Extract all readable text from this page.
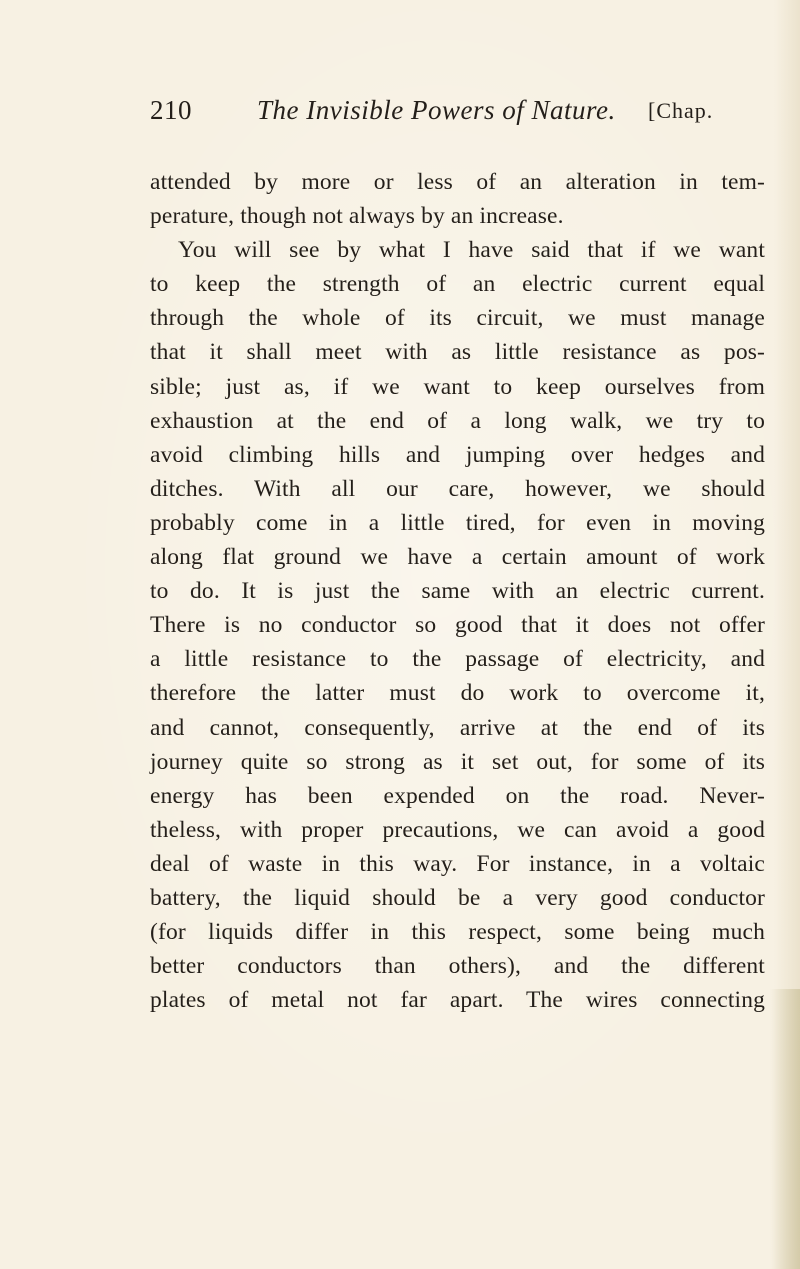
210 The Invisible Powers of Nature. [Chap.
attended by more or less of an alteration in tem-
perature, though not always by an increase.
You will see by what I have said that if we want
to keep the strength of an electric current equal
through the whole of its circuit, we must manage
that it shall meet with as little resistance as pos-
sible; just as, if we want to keep ourselves from
exhaustion at the end of a long walk, we try to
avoid climbing hills and jumping over hedges and
ditches. With all our care, however, we should
probably come in a little tired, for even in moving
along flat ground we have a certain amount of work
to do. It is just the same with an electric current.
There is no conductor so good that it does not offer
a little resistance to the passage of electricity, and
therefore the latter must do work to overcome it,
and cannot, consequently, arrive at the end of its
journey quite so strong as it set out, for some of its
energy has been expended on the road. Never-
theless, with proper precautions, we can avoid a good
deal of waste in this way. For instance, in a voltaic
battery, the liquid should be a very good conductor
(for liquids differ in this respect, some being much
better conductors than others), and the different
plates of metal not far apart. The wires connecting
